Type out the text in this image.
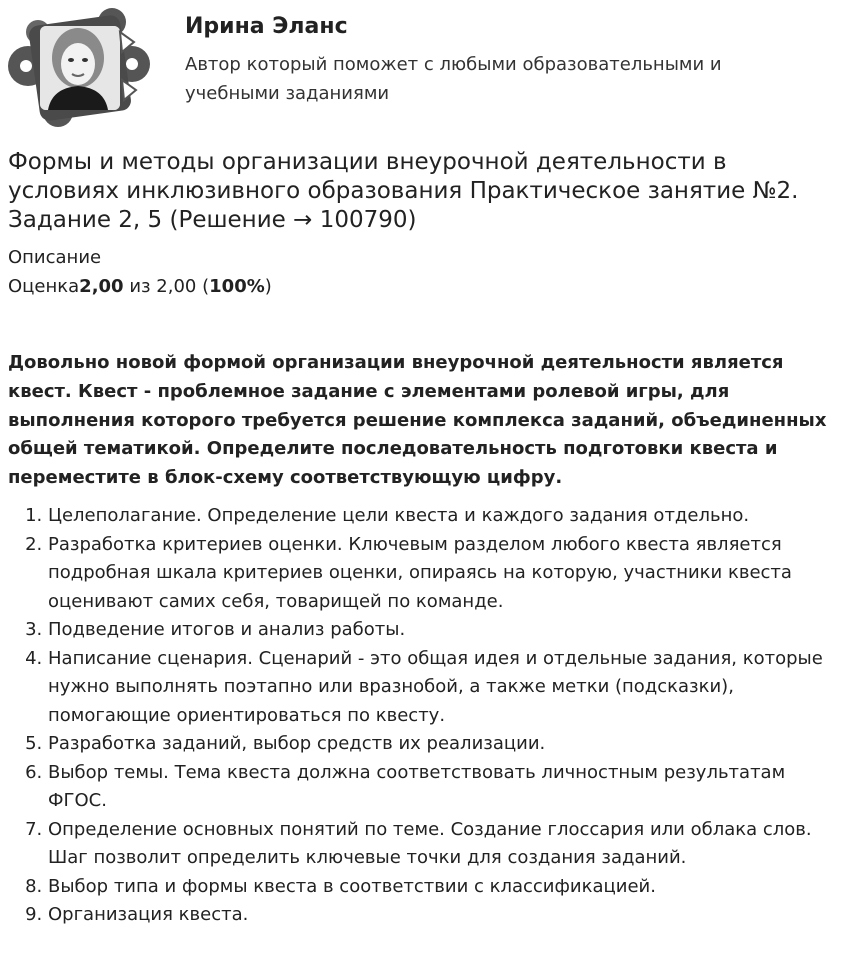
Ирина Эланс

Автор который поможет с любыми образовательными и учебными заданиями

Формы и методы организации внеурочной деятельности в условиях инклюзивного образования Практическое занятие №2. Задание 2, 5 (Решение → 100790)

Описание

Оценка2,00 из 2,00 (100%)

Довольно новой формой организации внеурочной деятельности является квест. Квест - проблемное задание с элементами ролевой игры, для выполнения которого требуется решение комплекса заданий, объединенных общей тематикой. Определите последовательность подготовки квеста и переместите в блок-схему соответствующую цифру.

1. Целеполагание. Определение цели квеста и каждого задания отдельно.
2. Разработка критериев оценки. Ключевым разделом любого квеста является подробная шкала критериев оценки, опираясь на которую, участники квеста оценивают самих себя, товарищей по команде.
3. Подведение итогов и анализ работы.
4. Написание сценария. Сценарий - это общая идея и отдельные задания, которые нужно выполнять поэтапно или вразнобой, а также метки (подсказки), помогающие ориентироваться по квесту.
5. Разработка заданий, выбор средств их реализации.
6. Выбор темы. Тема квеста должна соответствовать личностным результатам ФГОС.
7. Определение основных понятий по теме. Создание глоссария или облака слов. Шаг позволит определить ключевые точки для создания заданий.
8. Выбор типа и формы квеста в соответствии с классификацией.
9. Организация квеста.
